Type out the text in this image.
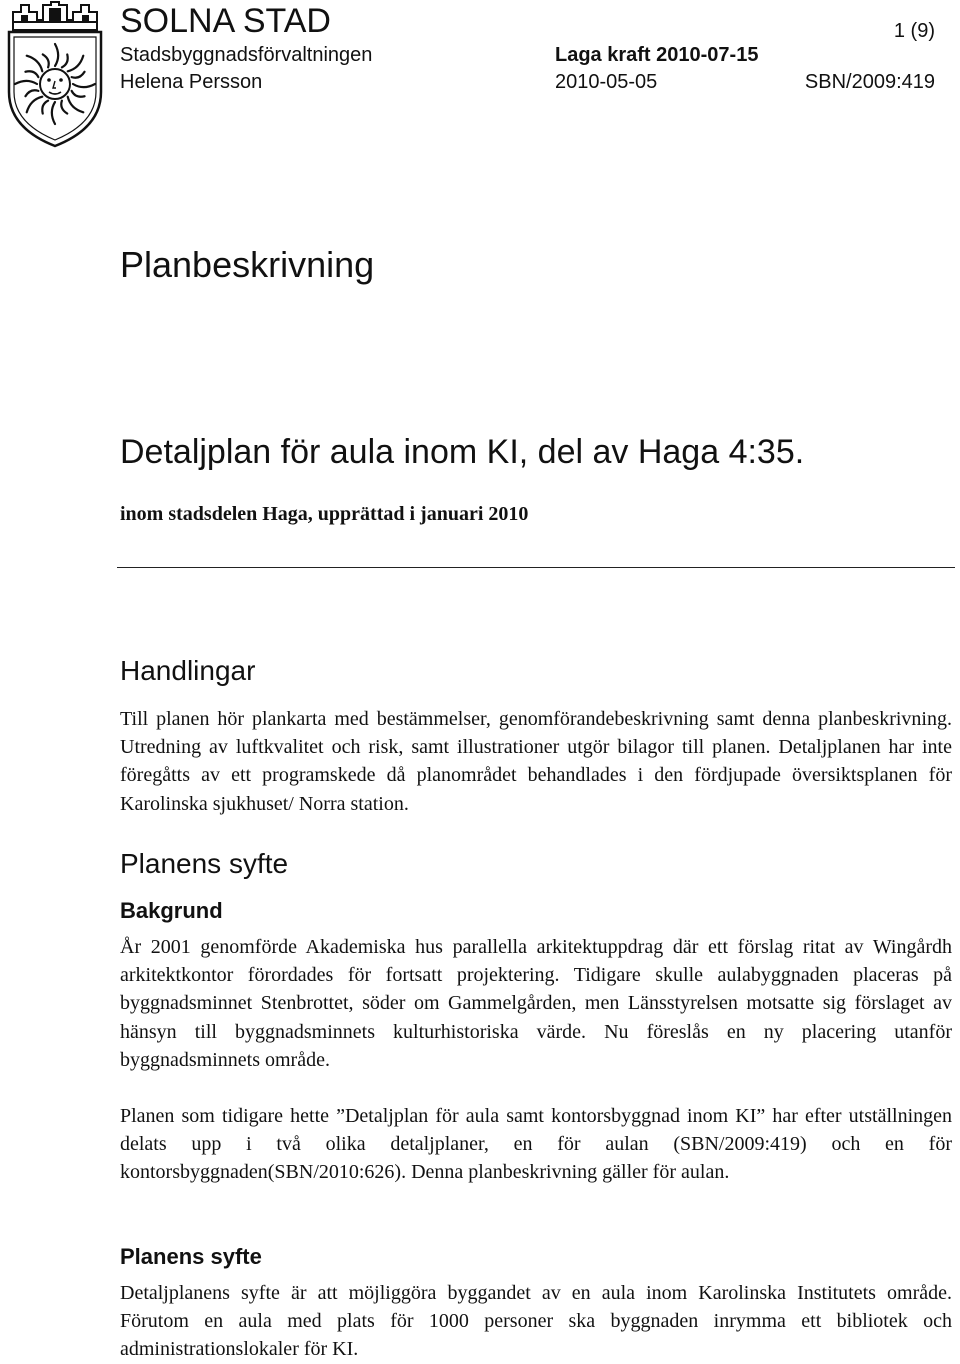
SOLNA STAD
Stadsbyggnadsförvaltningen
Helena Persson
Laga kraft 2010-07-15
2010-05-05
1 (9)
SBN/2009:419
Planbeskrivning
Detaljplan för aula inom KI, del av Haga 4:35.
inom stadsdelen Haga, upprättad i januari 2010
Handlingar
Till planen hör plankarta med bestämmelser, genomförandebeskrivning samt denna planbeskrivning. Utredning av luftkvalitet och risk, samt illustrationer utgör bilagor till planen. Detaljplanen har inte föregåtts av ett programskede då planområdet behandlades i den fördjupade översiktsplanen för Karolinska sjukhuset/ Norra station.
Planens syfte
Bakgrund
År 2001 genomförde Akademiska hus parallella arkitektuppdrag där ett förslag ritat av Wingårdh arkitektkontor förordades för fortsatt projektering. Tidigare skulle aulabyggnaden placeras på byggnadsminnet Stenbrottet, söder om Gammelgården, men Länsstyrelsen motsatte sig förslaget av hänsyn till byggnadsminnets kulturhistoriska värde. Nu föreslås en ny placering utanför byggnadsminnets område.
Planen som tidigare hette ”Detaljplan för aula samt kontorsbyggnad inom KI” har efter utställningen delats upp i två olika detaljplaner, en för aulan (SBN/2009:419) och en för kontorsbyggnaden(SBN/2010:626). Denna planbeskrivning gäller för aulan.
Planens syfte
Detaljplanens syfte är att möjliggöra byggandet av en aula inom Karolinska Institutets område. Förutom en aula med plats för 1000 personer ska byggnaden inrymma ett bibliotek och administrationslokaler för KI.
